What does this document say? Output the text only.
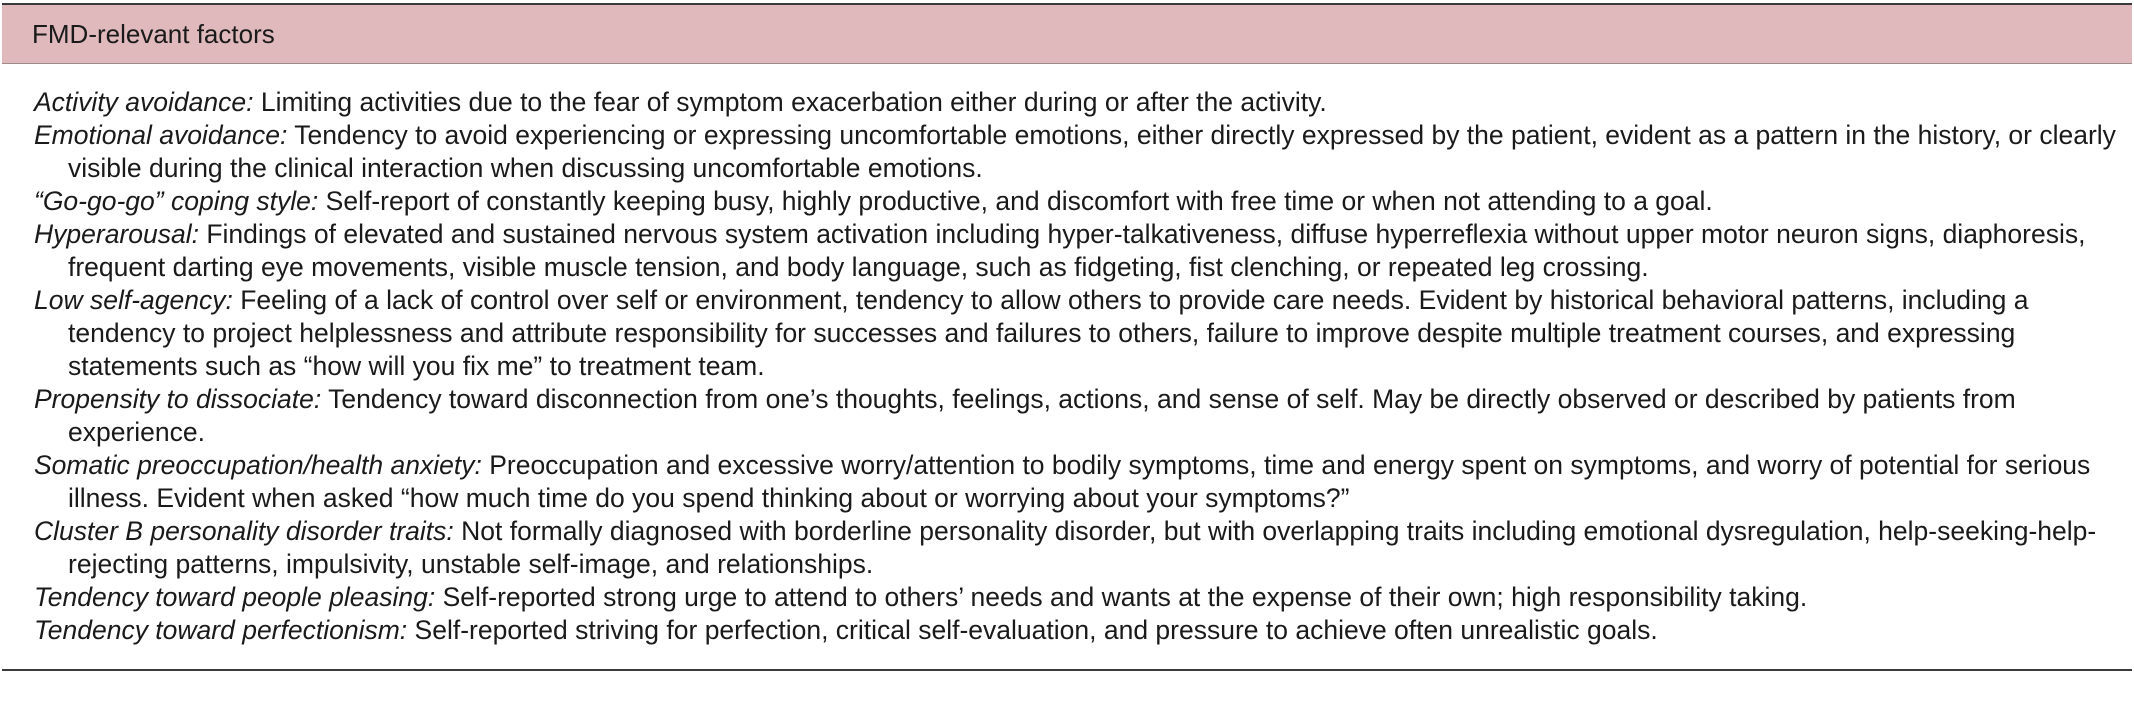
FMD-relevant factors

Activity avoidance: Limiting activities due to the fear of symptom exacerbation either during or after the activity.

Emotional avoidance: Tendency to avoid experiencing or expressing uncomfortable emotions, either directly expressed by the patient, evident as a pattern in the history, or clearly visible during the clinical interaction when discussing uncomfortable emotions.

“Go-go-go” coping style: Self-report of constantly keeping busy, highly productive, and discomfort with free time or when not attending to a goal.

Hyperarousal: Findings of elevated and sustained nervous system activation including hyper-talkativeness, diffuse hyperreflexia without upper motor neuron signs, diaphoresis, frequent darting eye movements, visible muscle tension, and body language, such as fidgeting, fist clenching, or repeated leg crossing.

Low self-agency: Feeling of a lack of control over self or environment, tendency to allow others to provide care needs. Evident by historical behavioral patterns, including a tendency to project helplessness and attribute responsibility for successes and failures to others, failure to improve despite multiple treatment courses, and expressing statements such as “how will you fix me” to treatment team.

Propensity to dissociate: Tendency toward disconnection from one’s thoughts, feelings, actions, and sense of self. May be directly observed or described by patients from experience.

Somatic preoccupation/health anxiety: Preoccupation and excessive worry/attention to bodily symptoms, time and energy spent on symptoms, and worry of potential for serious illness. Evident when asked “how much time do you spend thinking about or worrying about your symptoms?”

Cluster B personality disorder traits: Not formally diagnosed with borderline personality disorder, but with overlapping traits including emotional dysregulation, help-seeking-help-rejecting patterns, impulsivity, unstable self-image, and relationships.

Tendency toward people pleasing: Self-reported strong urge to attend to others’ needs and wants at the expense of their own; high responsibility taking.

Tendency toward perfectionism: Self-reported striving for perfection, critical self-evaluation, and pressure to achieve often unrealistic goals.
